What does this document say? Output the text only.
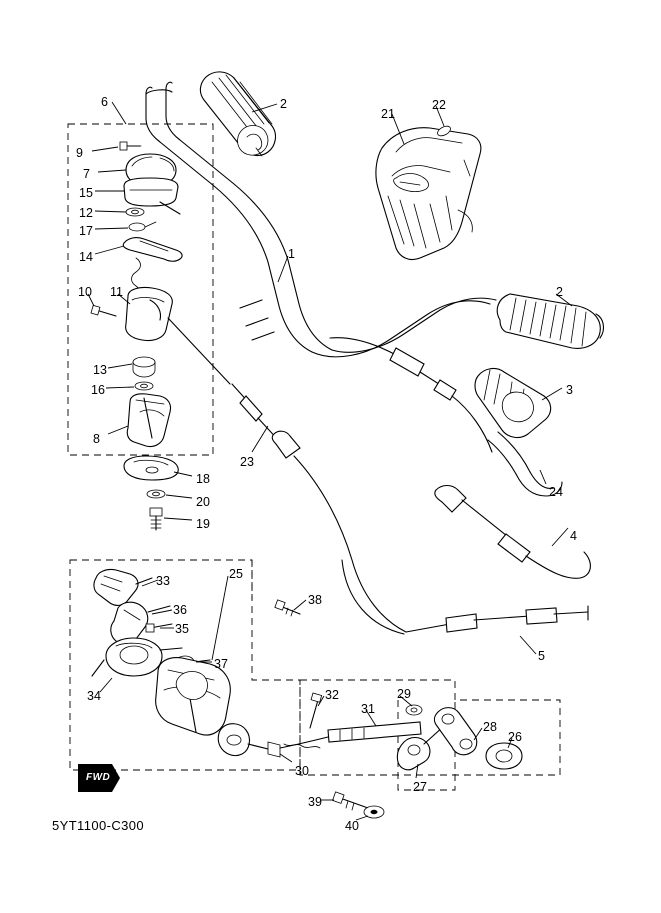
FWD
6	2
21
22
9
7
15
12
17
14	1
2
10 11
3
13
16
8
23
24
18
20
19
4
33	25
36
38
35
5
37
34	32	29
31
28
26
30
27
39
40
5YT1100-C300
